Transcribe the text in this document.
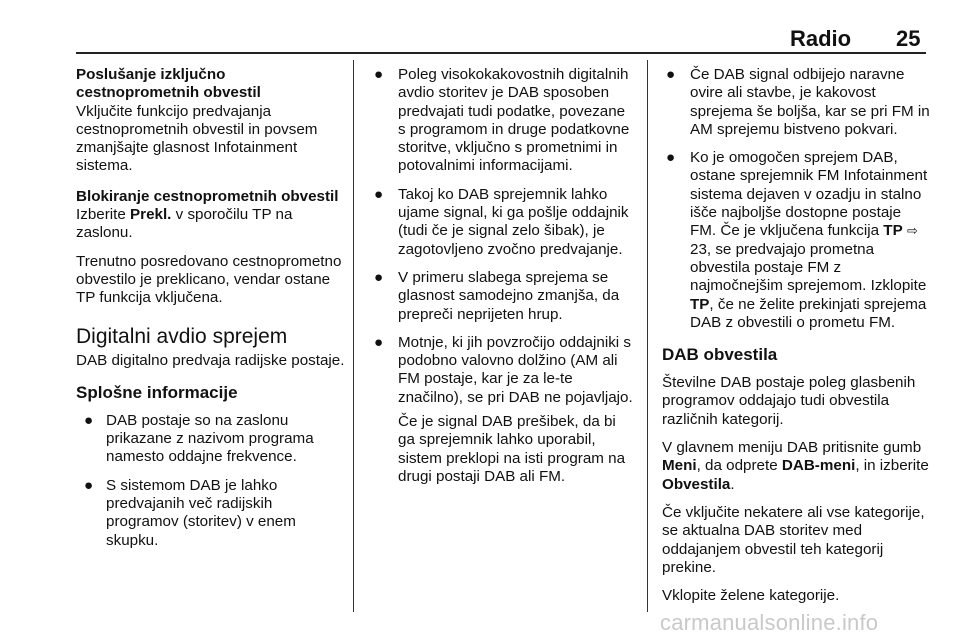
Radio 25

Poslušanje izključno
cestnoprometnih obvestil

Vključite funkcijo predvajanja cestnoprometnih obvestil in povsem zmanjšajte glasnost Infotainment sistema.

Blokiranje cestnoprometnih obvestil

Izberite Prekl. v sporočilu TP na zaslonu.

Trenutno posredovano cestnoprometno obvestilo je preklicano, vendar ostane TP funkcija vključena.

Digitalni avdio sprejem

DAB digitalno predvaja radijske postaje.

Splošne informacije
● DAB postaje so na zaslonu prikazane z nazivom programa namesto oddajne frekvence.
● S sistemom DAB je lahko predvajanih več radijskih programov (storitev) v enem skupku.
● Poleg visokokakovostnih digitalnih avdio storitev je DAB sposoben predvajati tudi podatke, povezane s programom in druge podatkovne storitve, vključno s prometnimi in potovalnimi informacijami.
● Takoj ko DAB sprejemnik lahko ujame signal, ki ga pošlje oddajnik (tudi če je signal zelo šibak), je zagotovljeno zvočno predvajanje.
● V primeru slabega sprejema se glasnost samodejno zmanjša, da prepreči neprijeten hrup.
● Motnje, ki jih povzročijo oddajniki s podobno valovno dolžino (AM ali FM postaje, kar je za le-te značilno), se pri DAB ne pojavljajo.

Če je signal DAB prešibek, da bi ga sprejemnik lahko uporabil, sistem preklopi na isti program na drugi postaji DAB ali FM.

● Če DAB signal odbijejo naravne ovire ali stavbe, je kakovost sprejema še boljša, kar se pri FM in AM sprejemu bistveno pokvari.
● Ko je omogočen sprejem DAB, ostane sprejemnik FM Infotainment sistema dejaven v ozadju in stalno išče najboljše dostopne postaje FM. Če je vključena funkcija TP ⇨ 23, se predvajajo prometna obvestila postaje FM z najmočnejšim sprejemom. Izklopite TP, če ne želite prekinjati sprejema DAB z obvestili o prometu FM.
DAB obvestila

Številne DAB postaje poleg glasbenih programov oddajajo tudi obvestila različnih kategorij.

V glavnem meniju DAB pritisnite gumb Meni, da odprete DAB-meni, in izberite Obvestila.

Če vključite nekatere ali vse kategorije, se aktualna DAB storitev med oddajanjem obvestil teh kategorij prekine.

Vklopite želene kategorije.

carmanualsonline.info
